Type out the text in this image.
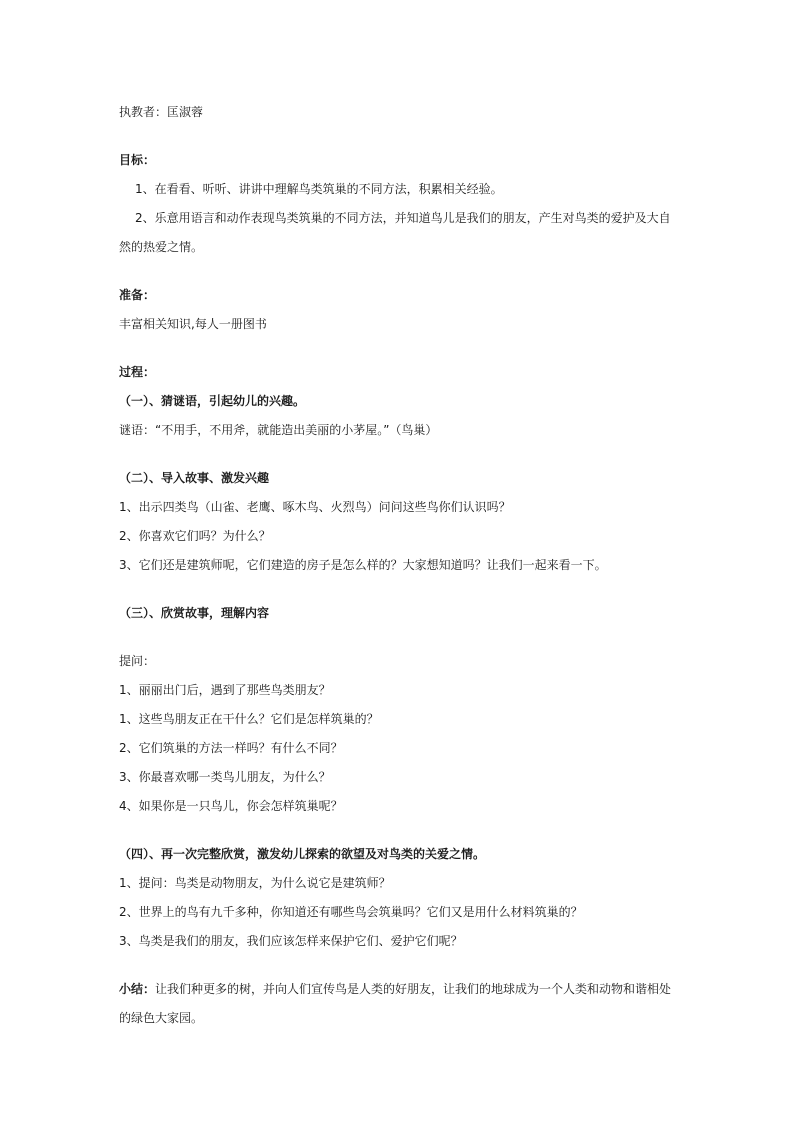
执教者：匡淑蓉
目标：
1、在看看、听听、讲讲中理解鸟类筑巢的不同方法，积累相关经验。
2、乐意用语言和动作表现鸟类筑巢的不同方法，并知道鸟儿是我们的朋友，产生对鸟类的爱护及大自
然的热爱之情。
准备：
丰富相关知识,每人一册图书
过程：
（一）、猜谜语，引起幼儿的兴趣。
谜语：“不用手，不用斧，就能造出美丽的小茅屋。”（鸟巢）
（二）、导入故事、激发兴趣
1、出示四类鸟（山雀、老鹰、啄木鸟、火烈鸟）问问这些鸟你们认识吗？
2、你喜欢它们吗？为什么？
3、它们还是建筑师呢，它们建造的房子是怎么样的？大家想知道吗？让我们一起来看一下。
（三）、欣赏故事，理解内容
提问：
1、丽丽出门后，遇到了那些鸟类朋友？
1、这些鸟朋友正在干什么？它们是怎样筑巢的？
2、它们筑巢的方法一样吗？有什么不同？
3、你最喜欢哪一类鸟儿朋友，为什么？
4、如果你是一只鸟儿，你会怎样筑巢呢？
（四）、再一次完整欣赏，激发幼儿探索的欲望及对鸟类的关爱之情。
1、提问：鸟类是动物朋友，为什么说它是建筑师？
2、世界上的鸟有九千多种，你知道还有哪些鸟会筑巢吗？它们又是用什么材料筑巢的？
3、鸟类是我们的朋友，我们应该怎样来保护它们、爱护它们呢？
小结：让我们种更多的树，并向人们宣传鸟是人类的好朋友，让我们的地球成为一个人类和动物和谐相处
的绿色大家园。
